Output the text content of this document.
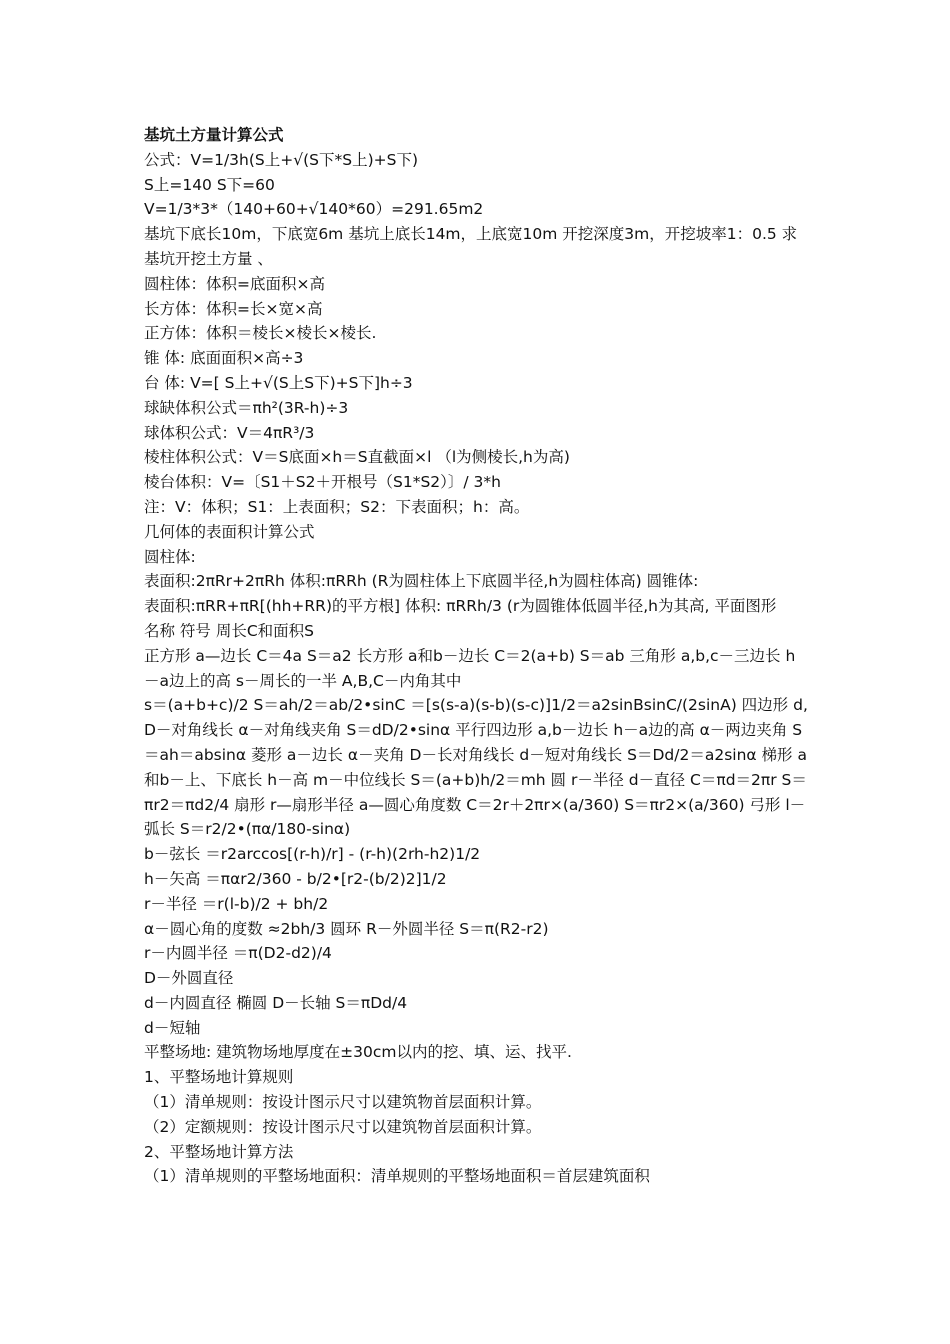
基坑土方量计算公式
公式：V=1/3h(S上+√(S下*S上)+S下)
S上=140 S下=60
V=1/3*3*（140+60+√140*60）=291.65m2
基坑下底长10m，下底宽6m 基坑上底长14m，上底宽10m 开挖深度3m，开挖坡率1：0.5 求基坑开挖土方量 、
圆柱体：体积=底面积×高
长方体：体积=长×宽×高
正方体：体积＝棱长×棱长×棱长.
锥 体: 底面面积×高÷3
台 体: V=[ S上+√(S上S下)+S下]h÷3
球缺体积公式＝πh²(3R-h)÷3
球体积公式：V＝4πR³/3
棱柱体积公式：V＝S底面×h＝S直截面×l （l为侧棱长,h为高)
棱台体积：V=〔S1＋S2＋开根号（S1*S2）〕/ 3*h
注：V：体积；S1：上表面积；S2：下表面积；h：高。
几何体的表面积计算公式
圆柱体:
表面积:2πRr+2πRh 体积:πRRh (R为圆柱体上下底圆半径,h为圆柱体高) 圆锥体:
表面积:πRR+πR[(hh+RR)的平方根] 体积: πRRh/3 (r为圆锥体低圆半径,h为其高, 平面图形
名称 符号 周长C和面积S
正方形 a—边长 C＝4a S＝a2 长方形 a和b－边长 C＝2(a+b) S＝ab 三角形 a,b,c－三边长 h－a边上的高 s－周长的一半 A,B,C－内角其中
s＝(a+b+c)/2 S＝ah/2＝ab/2•sinC ＝[s(s-a)(s-b)(s-c)]1/2＝a2sinBsinC/(2sinA) 四边形 d,D－对角线长 α－对角线夹角 S＝dD/2•sinα 平行四边形 a,b－边长 h－a边的高 α－两边夹角 S＝ah＝absinα 菱形 a－边长 α－夹角 D－长对角线长 d－短对角线长 S＝Dd/2＝a2sinα 梯形 a和b－上、下底长 h－高 m－中位线长 S＝(a+b)h/2＝mh 圆 r－半径 d－直径 C＝πd＝2πr S＝πr2＝πd2/4 扇形 r—扇形半径 a—圆心角度数 C＝2r＋2πr×(a/360) S＝πr2×(a/360) 弓形 l－弧长 S＝r2/2•(πα/180-sinα)
b－弦长 ＝r2arccos[(r-h)/r] - (r-h)(2rh-h2)1/2
h－矢高 ＝παr2/360 - b/2•[r2-(b/2)2]1/2
r－半径 ＝r(l-b)/2 + bh/2
α－圆心角的度数 ≈2bh/3 圆环 R－外圆半径 S＝π(R2-r2)
r－内圆半径 ＝π(D2-d2)/4
D－外圆直径
d－内圆直径 椭圆 D－长轴 S＝πDd/4
d－短轴
平整场地: 建筑物场地厚度在±30cm以内的挖、填、运、找平.
1、平整场地计算规则
（1）清单规则：按设计图示尺寸以建筑物首层面积计算。
（2）定额规则：按设计图示尺寸以建筑物首层面积计算。
2、平整场地计算方法
（1）清单规则的平整场地面积：清单规则的平整场地面积＝首层建筑面积
